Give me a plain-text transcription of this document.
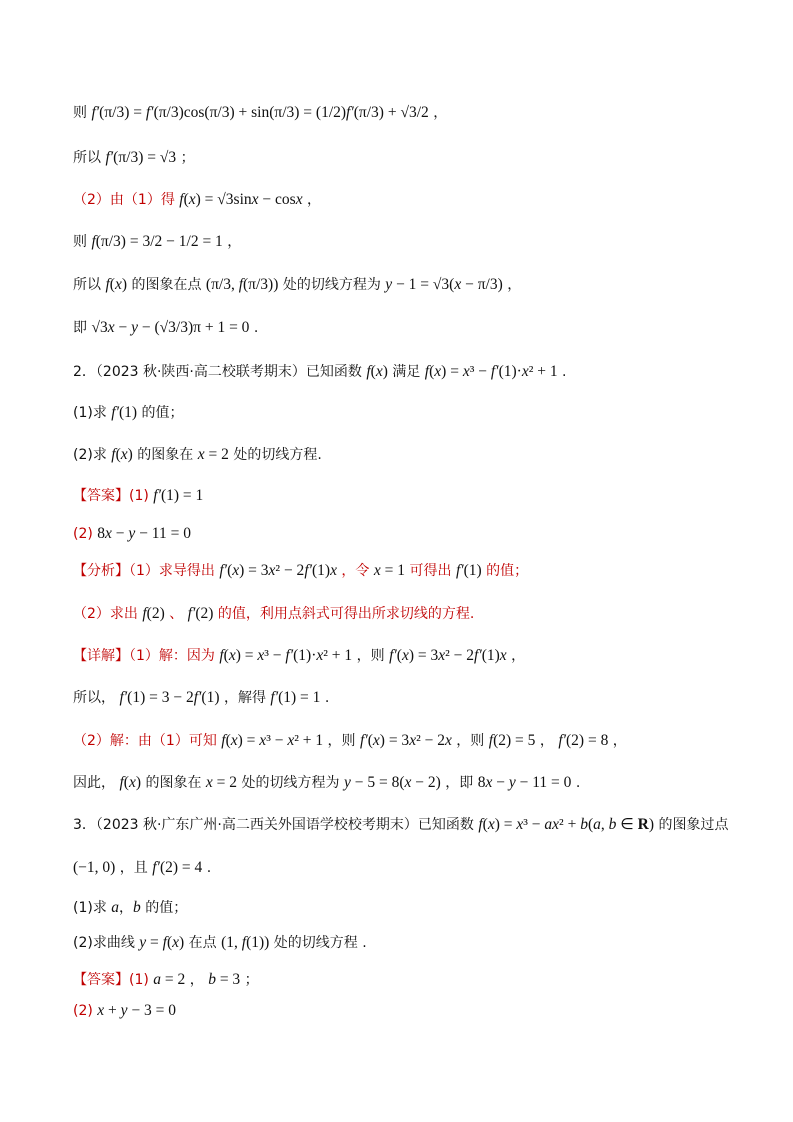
则 f′(π/3) = f′(π/3)cos(π/3) + sin(π/3) = (1/2)f′(π/3) + √3/2 ，
所以 f′(π/3) = √3 ；
（2）由（1）得 f(x) = √3sinx − cosx ，
则 f(π/3) = 3/2 − 1/2 = 1 ，
所以 f(x) 的图象在点 (π/3, f(π/3)) 处的切线方程为 y − 1 = √3(x − π/3) ，
即 √3x − y − (√3/3)π + 1 = 0 .
2．（2023 秋·陕西·高二校联考期末）已知函数 f(x) 满足 f(x) = x³ − f′(1)·x² + 1 .
(1)求 f′(1) 的值；
(2)求 f(x) 的图象在 x = 2 处的切线方程.
【答案】(1) f′(1) = 1
(2) 8x − y − 11 = 0
【分析】（1）求导得出 f′(x) = 3x² − 2f′(1)x ，令 x = 1 可得出 f′(1) 的值；
（2）求出 f(2) 、 f′(2) 的值，利用点斜式可得出所求切线的方程.
【详解】（1）解：因为 f(x) = x³ − f′(1)·x² + 1 ，则 f′(x) = 3x² − 2f′(1)x ，
所以， f′(1) = 3 − 2f′(1) ，解得 f′(1) = 1 .
（2）解：由（1）可知 f(x) = x³ − x² + 1 ，则 f′(x) = 3x² − 2x ，则 f(2) = 5 ， f′(2) = 8 ，
因此， f(x) 的图象在 x = 2 处的切线方程为 y − 5 = 8(x − 2) ，即 8x − y − 11 = 0 .
3．（2023 秋·广东广州·高二西关外国语学校校考期末）已知函数 f(x) = x³ − ax² + b(a, b ∈ R) 的图象过点
(−1, 0) ，且 f′(2) = 4 .
(1)求 a，b 的值；
(2)求曲线 y = f(x) 在点 (1, f(1)) 处的切线方程 .
【答案】(1) a = 2 ， b = 3 ；
(2) x + y − 3 = 0
